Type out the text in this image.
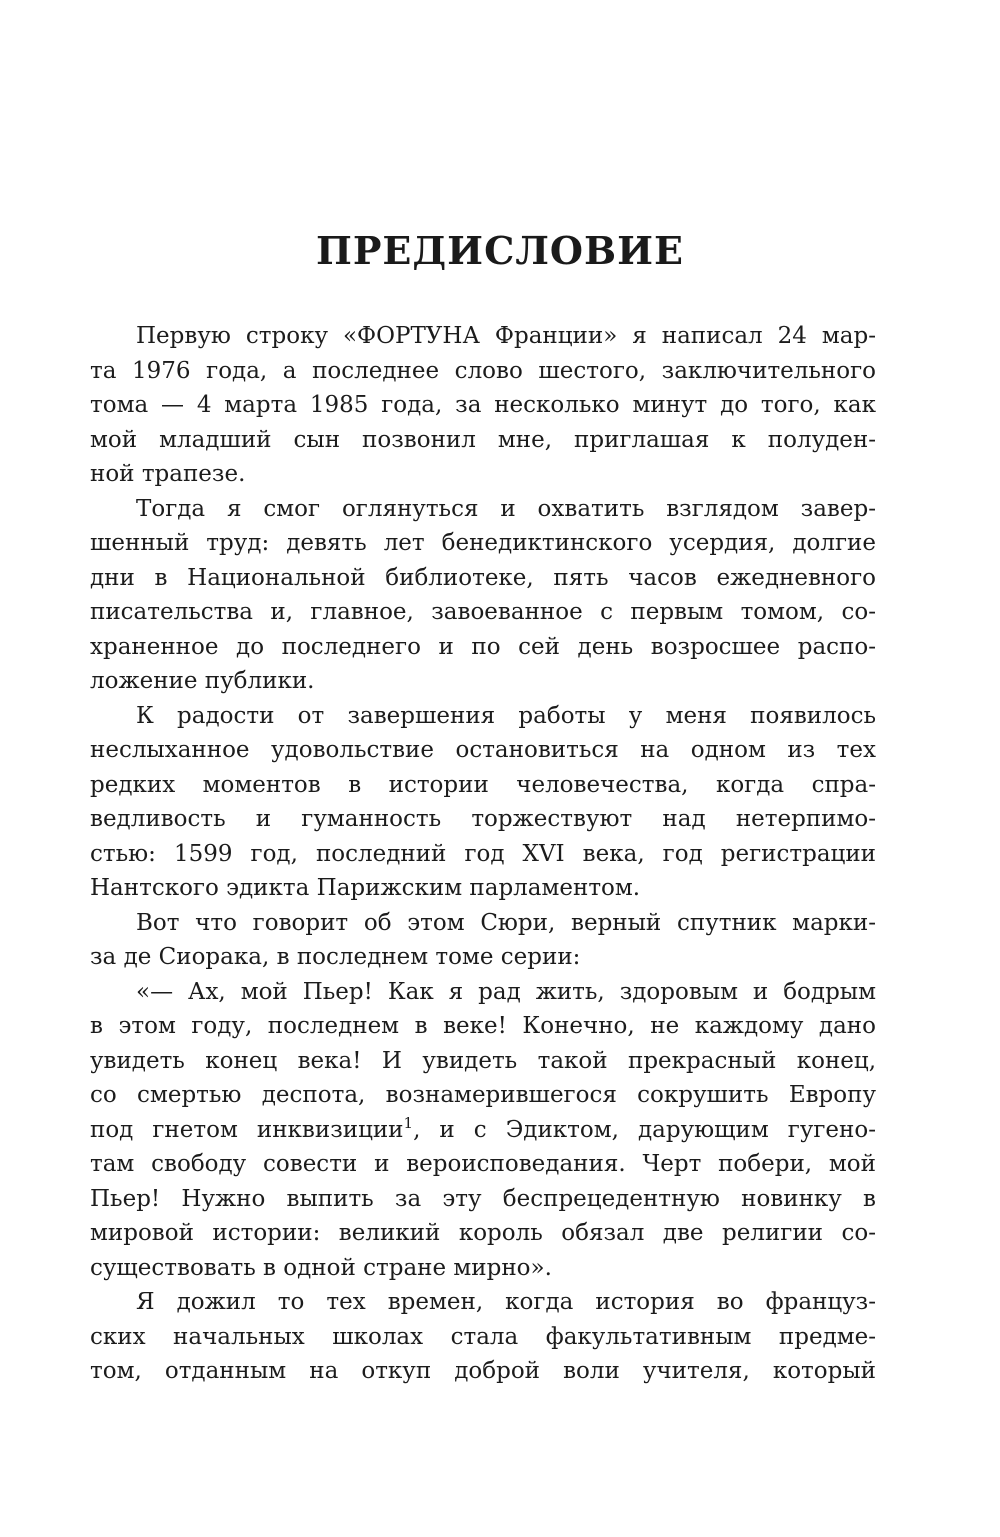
ПРЕДИСЛОВИЕ
Первую строку «ФОРТУНА Франции» я написал 24 мар-
та 1976 года, а последнее слово шестого, заключительного
тома — 4 марта 1985 года, за несколько минут до того, как
мой младший сын позвонил мне, приглашая к полуден-
ной трапезе.
Тогда я смог оглянуться и охватить взглядом завер-
шенный труд: девять лет бенедиктинского усердия, долгие
дни в Национальной библиотеке, пять часов ежедневного
писательства и, главное, завоеванное с первым томом, со-
храненное до последнего и по сей день возросшее распо-
ложение публики.
К радости от завершения работы у меня появилось
неслыханное удовольствие остановиться на одном из тех
редких моментов в истории человечества, когда спра-
ведливость и гуманность торжествуют над нетерпимо-
стью: 1599 год, последний год XVI века, год регистрации
Нантского эдикта Парижским парламентом.
Вот что говорит об этом Сюри, верный спутник марки-
за де Сиорака, в последнем томе серии:
«— Ах, мой Пьер! Как я рад жить, здоровым и бодрым
в этом году, последнем в веке! Конечно, не каждому дано
увидеть конец века! И увидеть такой прекрасный конец,
со смертью деспота, вознамерившегося сокрушить Европу
под гнетом инквизиции$^1$, и с Эдиктом, дарующим гугено-
там свободу совести и вероисповедания. Черт побери, мой
Пьер! Нужно выпить за эту беспрецедентную новинку в
мировой истории: великий король обязал две религии со-
существовать в одной стране мирно».
Я дожил то тех времен, когда история во француз-
ских начальных школах стала факультативным предме-
том, отданным на откуп доброй воли учителя, который
